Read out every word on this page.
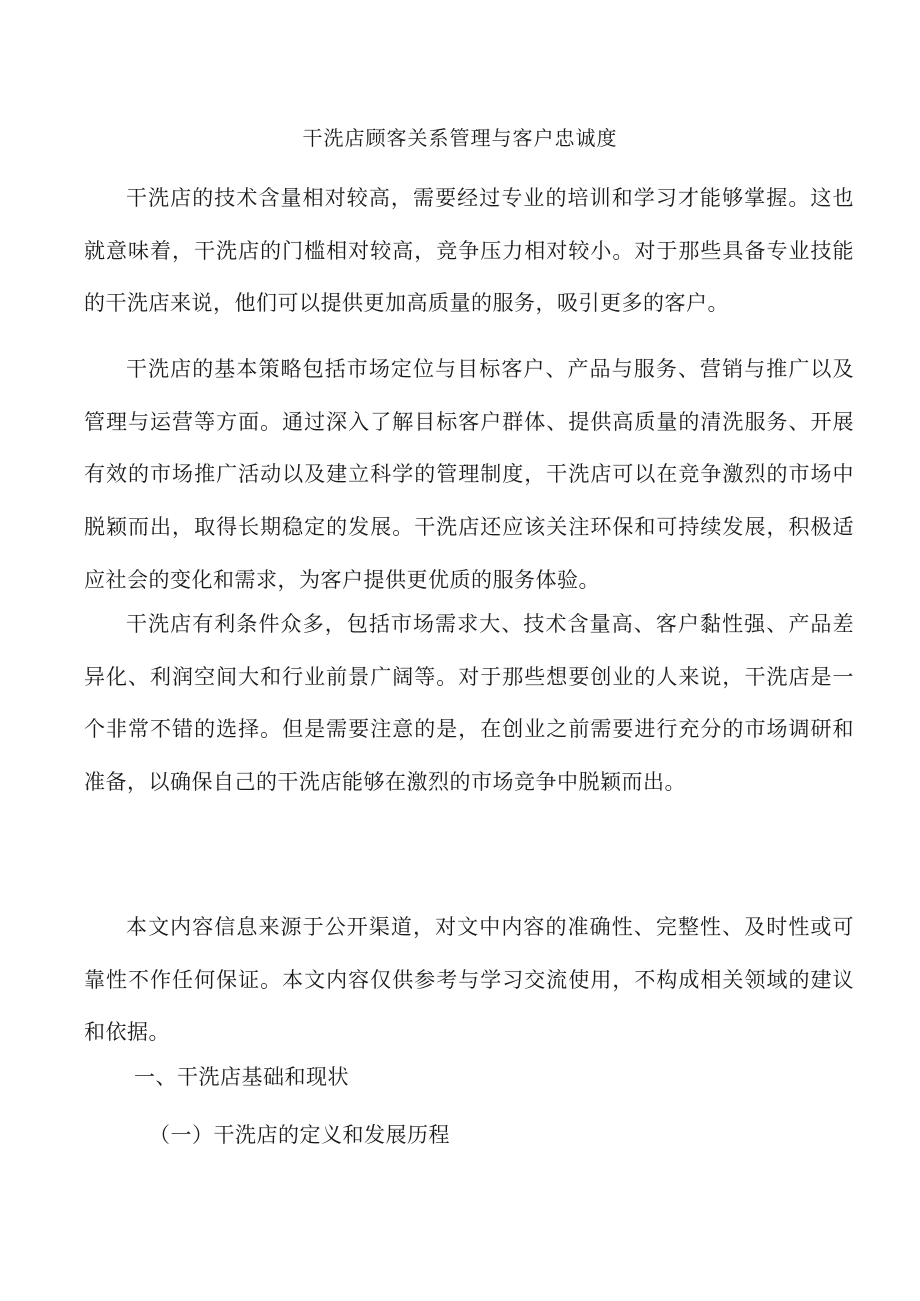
干洗店顾客关系管理与客户忠诚度

干洗店的技术含量相对较高，需要经过专业的培训和学习才能够掌握。这也就意味着，干洗店的门槛相对较高，竞争压力相对较小。对于那些具备专业技能的干洗店来说，他们可以提供更加高质量的服务，吸引更多的客户。

干洗店的基本策略包括市场定位与目标客户、产品与服务、营销与推广以及管理与运营等方面。通过深入了解目标客户群体、提供高质量的清洗服务、开展有效的市场推广活动以及建立科学的管理制度，干洗店可以在竞争激烈的市场中脱颖而出，取得长期稳定的发展。干洗店还应该关注环保和可持续发展，积极适应社会的变化和需求，为客户提供更优质的服务体验。

干洗店有利条件众多，包括市场需求大、技术含量高、客户黏性强、产品差异化、利润空间大和行业前景广阔等。对于那些想要创业的人来说，干洗店是一个非常不错的选择。但是需要注意的是，在创业之前需要进行充分的市场调研和准备，以确保自己的干洗店能够在激烈的市场竞争中脱颖而出。

本文内容信息来源于公开渠道，对文中内容的准确性、完整性、及时性或可靠性不作任何保证。本文内容仅供参考与学习交流使用，不构成相关领域的建议和依据。

一、干洗店基础和现状
（一）干洗店的定义和发展历程
